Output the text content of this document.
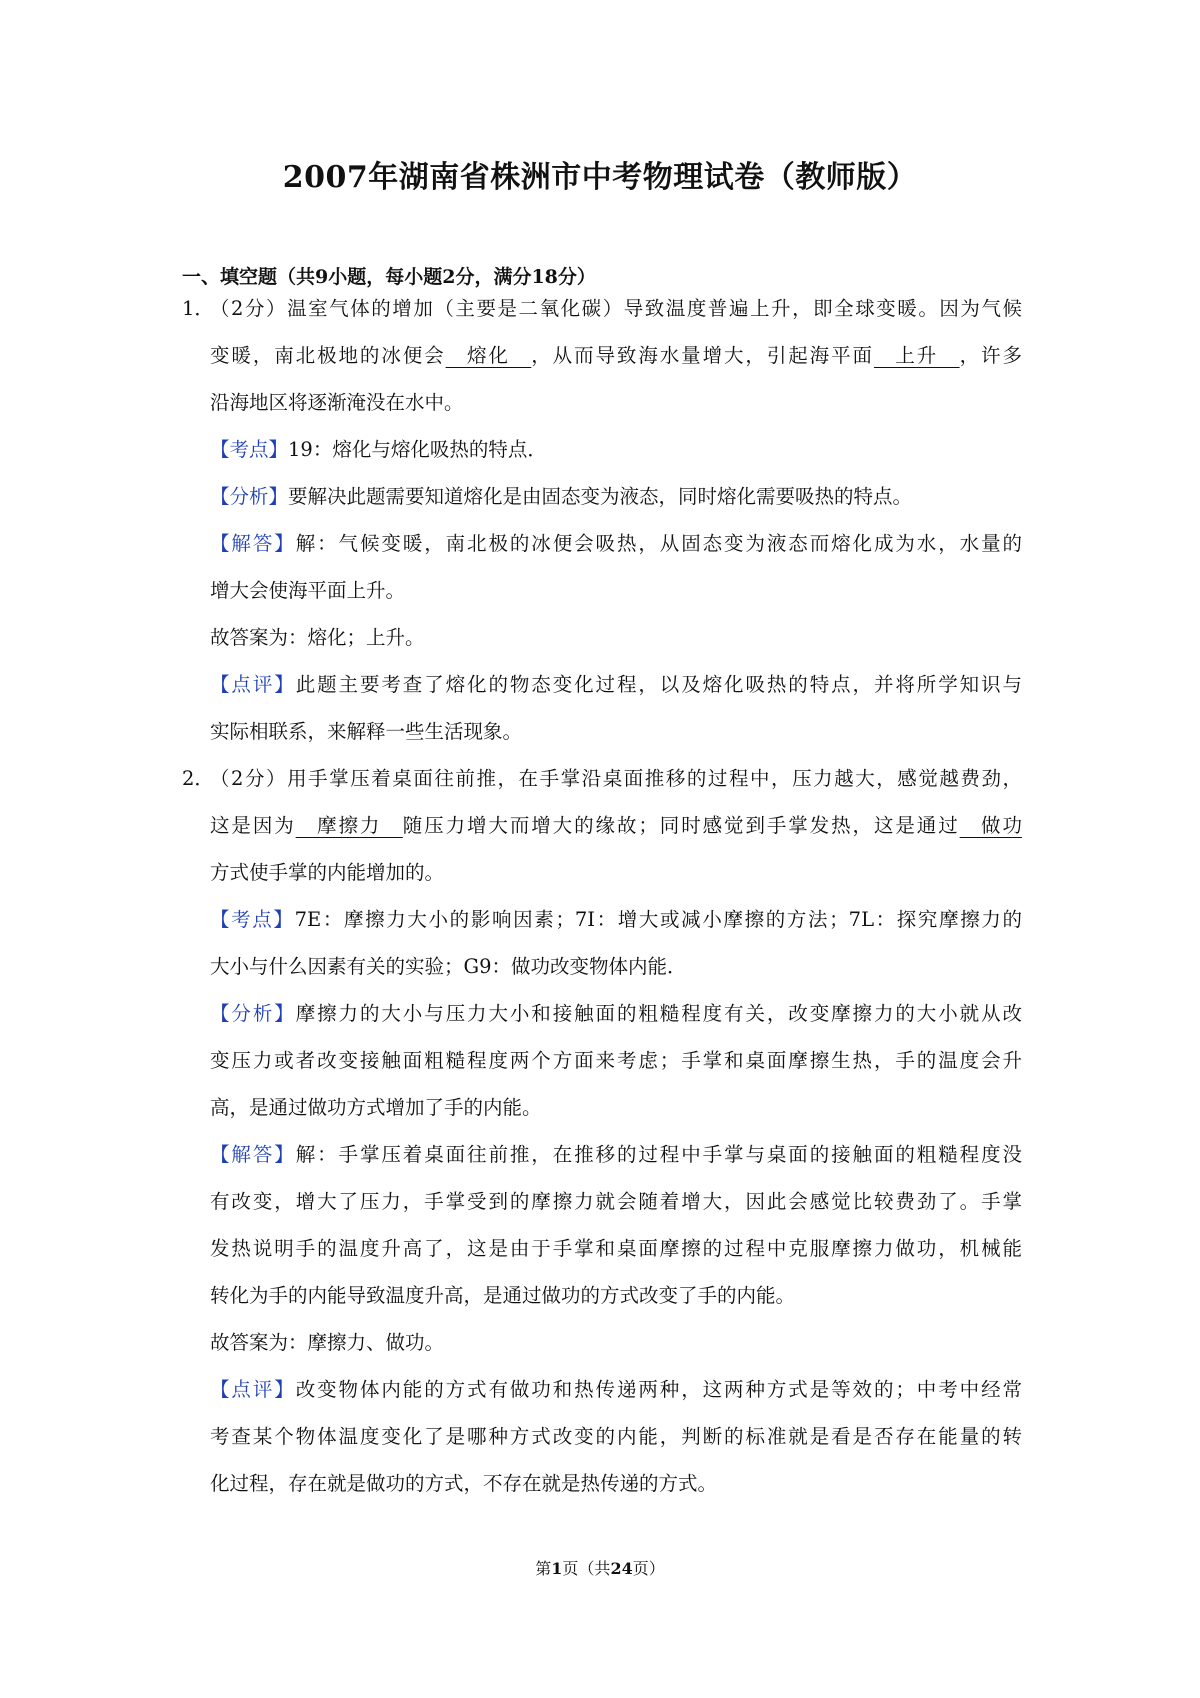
2007年湖南省株洲市中考物理试卷（教师版）
一、填空题（共9小题，每小题2分，满分18分）
1．
（2分）温室气体的增加（主要是二氧化碳）导致温度普遍上升，即全球变暖。因为气候
变暖，南北极地的冰便会　熔化　，从而导致海水量增大，引起海平面　上升　，许多
沿海地区将逐渐淹没在水中。
【考点】19：熔化与熔化吸热的特点．
【分析】要解决此题需要知道熔化是由固态变为液态，同时熔化需要吸热的特点。
【解答】解：气候变暖，南北极的冰便会吸热，从固态变为液态而熔化成为水，水量的
增大会使海平面上升。
故答案为：熔化；上升。
【点评】此题主要考查了熔化的物态变化过程，以及熔化吸热的特点，并将所学知识与
实际相联系，来解释一些生活现象。
2．
（2分）用手掌压着桌面往前推，在手掌沿桌面推移的过程中，压力越大，感觉越费劲，
这是因为　摩擦力　随压力增大而增大的缘故；同时感觉到手掌发热，这是通过　做功
方式使手掌的内能增加的。
【考点】7E：摩擦力大小的影响因素；7I：增大或减小摩擦的方法；7L：探究摩擦力的
大小与什么因素有关的实验；G9：做功改变物体内能．
【分析】摩擦力的大小与压力大小和接触面的粗糙程度有关，改变摩擦力的大小就从改
变压力或者改变接触面粗糙程度两个方面来考虑；手掌和桌面摩擦生热，手的温度会升
高，是通过做功方式增加了手的内能。
【解答】解：手掌压着桌面往前推，在推移的过程中手掌与桌面的接触面的粗糙程度没
有改变，增大了压力，手掌受到的摩擦力就会随着增大，因此会感觉比较费劲了。手掌
发热说明手的温度升高了，这是由于手掌和桌面摩擦的过程中克服摩擦力做功，机械能
转化为手的内能导致温度升高，是通过做功的方式改变了手的内能。
故答案为：摩擦力、做功。
【点评】改变物体内能的方式有做功和热传递两种，这两种方式是等效的；中考中经常
考查某个物体温度变化了是哪种方式改变的内能，判断的标准就是看是否存在能量的转
化过程，存在就是做功的方式，不存在就是热传递的方式。
第1页（共24页）
